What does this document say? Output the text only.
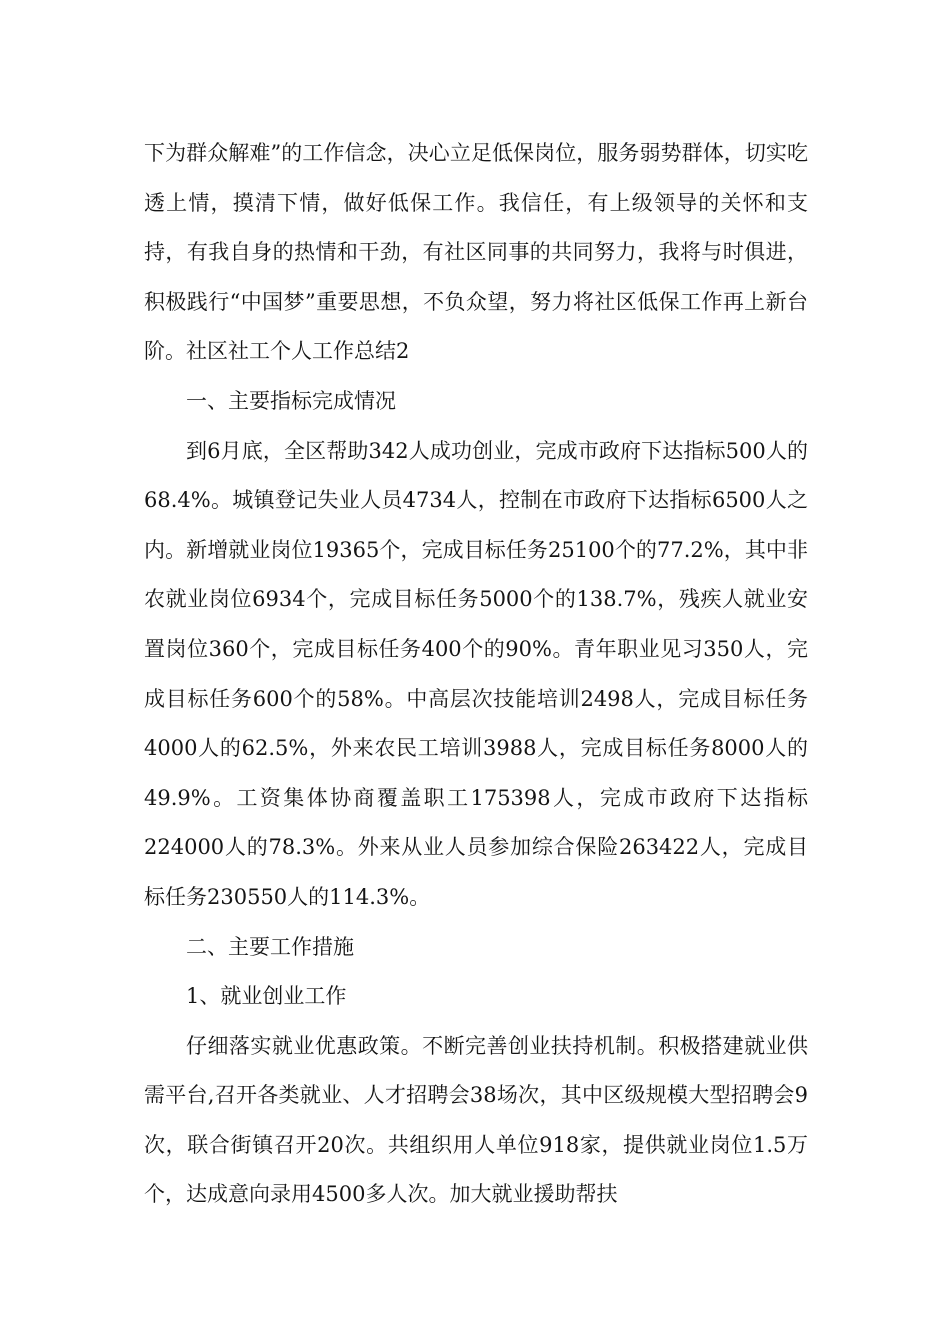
下为群众解难”的工作信念，决心立足低保岗位，服务弱势群体，切实吃透上情，摸清下情，做好低保工作。我信任，有上级领导的关怀和支持，有我自身的热情和干劲，有社区同事的共同努力，我将与时俱进，积极践行“中国梦”重要思想，不负众望，努力将社区低保工作再上新台阶。社区社工个人工作总结2

一、主要指标完成情况

到6月底，全区帮助342人成功创业，完成市政府下达指标500人的68.4%。城镇登记失业人员4734人，控制在市政府下达指标6500人之内。新增就业岗位19365个，完成目标任务25100个的77.2%，其中非农就业岗位6934个，完成目标任务5000个的138.7%，残疾人就业安置岗位360个，完成目标任务400个的90%。青年职业见习350人，完成目标任务600个的58%。中高层次技能培训2498人，完成目标任务4000人的62.5%，外来农民工培训3988人，完成目标任务8000人的49.9%。工资集体协商覆盖职工175398人，完成市政府下达指标224000人的78.3%。外来从业人员参加综合保险263422人，完成目标任务230550人的114.3%。

二、主要工作措施

1、就业创业工作

仔细落实就业优惠政策。不断完善创业扶持机制。积极搭建就业供需平台,召开各类就业、人才招聘会38场次，其中区级规模大型招聘会9次，联合街镇召开20次。共组织用人单位918家，提供就业岗位1.5万个，达成意向录用4500多人次。加大就业援助帮扶
